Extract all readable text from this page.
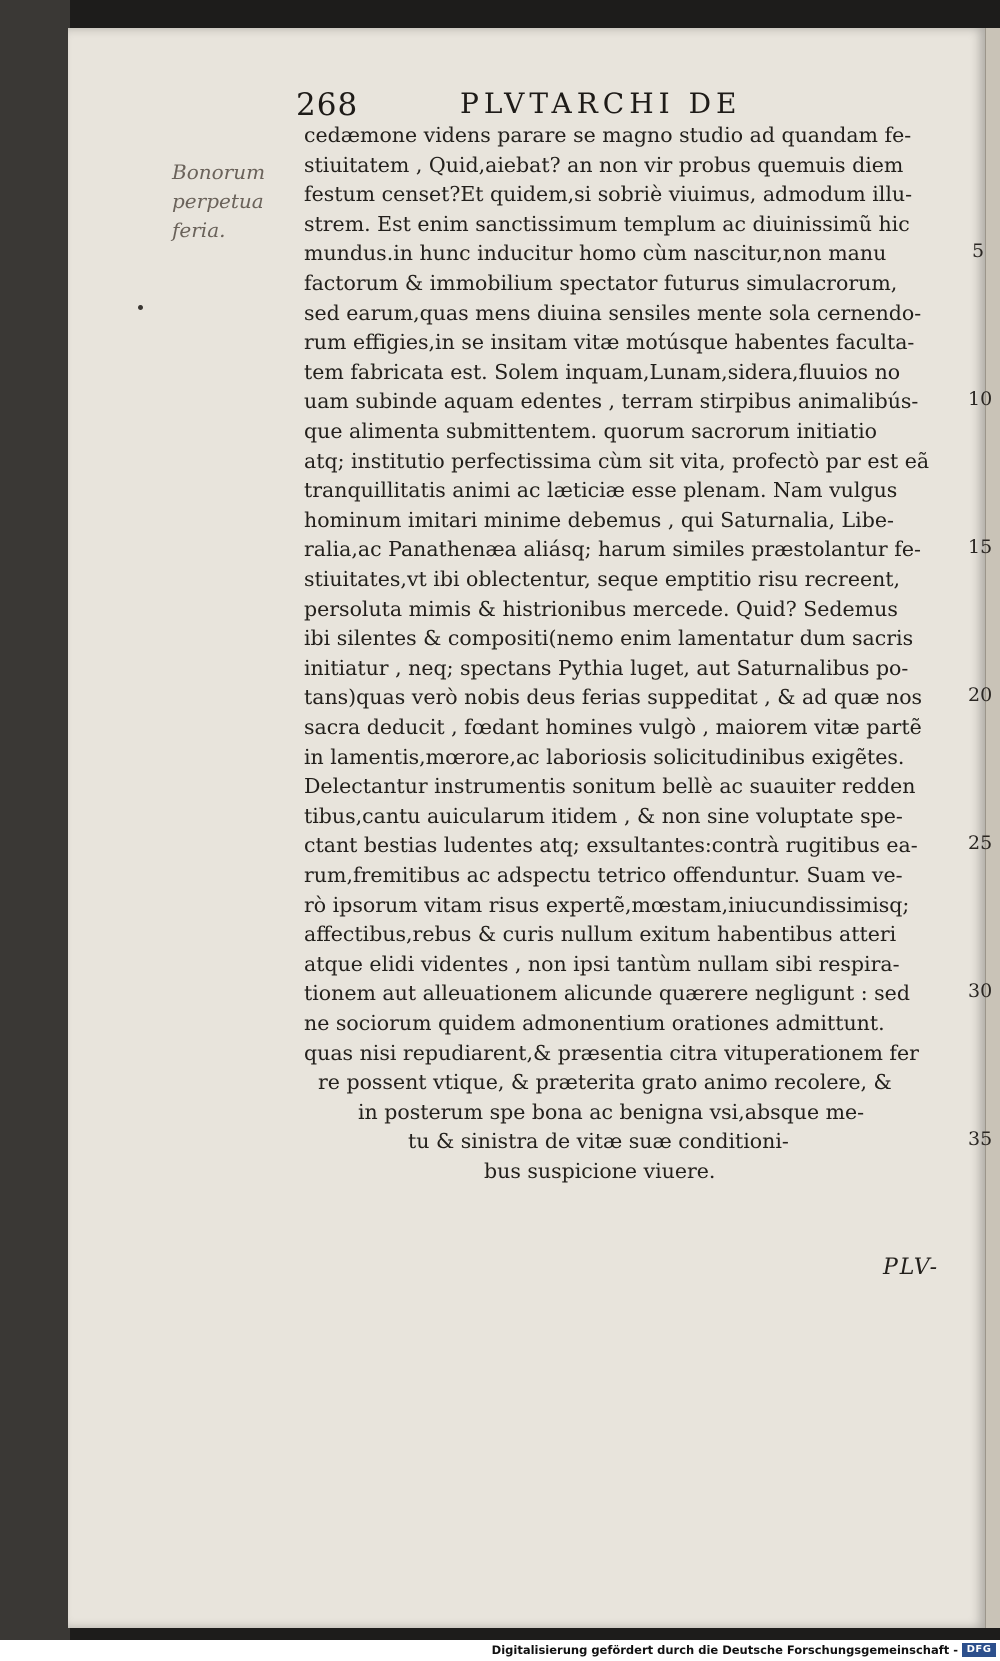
268	PLVTARCHI DE
Bonorum
perpetua
feria.
cedæmone videns parare se magno studio ad quandam fe-
stiuitatem , Quid,aiebat? an non vir probus quemuis diem
festum censet?Et quidem,si sobriè viuimus, admodum illu-
strem. Est enim sanctissimum templum ac diuinissimũ hic
mundus.in hunc inducitur homo cùm nascitur,non manu
factorum & immobilium spectator futurus simulacrorum,
sed earum,quas mens diuina sensiles mente sola cernendo-
rum effigies,in se insitam vitæ motúsque habentes faculta-
tem fabricata est. Solem inquam,Lunam,sidera,fluuios no
uam subinde aquam edentes , terram stirpibus animalibús-
que alimenta submittentem. quorum sacrorum initiatio
atq; institutio perfectissima cùm sit vita, profectò par est eã
tranquillitatis animi ac læticiæ esse plenam. Nam vulgus
hominum imitari minime debemus , qui Saturnalia, Libe-
ralia,ac Panathenæa aliásq; harum similes præstolantur fe-
stiuitates,vt ibi oblectentur, seque emptitio risu recreent,
persoluta mimis & histrionibus mercede. Quid? Sedemus
ibi silentes & compositi(nemo enim lamentatur dum sacris
initiatur , neq; spectans Pythia luget, aut Saturnalibus po-
tans)quas verò nobis deus ferias suppeditat , & ad quæ nos
sacra deducit , fœdant homines vulgò , maiorem vitæ partẽ
in lamentis,mœrore,ac laboriosis solicitudinibus exigẽtes.
Delectantur instrumentis sonitum bellè ac suauiter redden
tibus,cantu auicularum itidem , & non sine voluptate spe-
ctant bestias ludentes atq; exsultantes:contrà rugitibus ea-
rum,fremitibus ac adspectu tetrico offenduntur. Suam ve-
rò ipsorum vitam risus expertẽ,mœstam,iniucundissimisq;
affectibus,rebus & curis nullum exitum habentibus atteri
atque elidi videntes , non ipsi tantùm nullam sibi respira-
tionem aut alleuationem alicunde quærere negligunt : sed
ne sociorum quidem admonentium orationes admittunt.
quas nisi repudiarent,& præsentia citra vituperationem fer
re possent vtique, & præterita grato animo recolere, &
in posterum spe bona ac benigna vsi,absque me-
tu & sinistra de vitæ suæ conditioni-
bus suspicione viuere.
5
10
15
20
25
30
35
PLV-
Digitalisierung gefördert durch die Deutsche Forschungsgemeinschaft - DFG
